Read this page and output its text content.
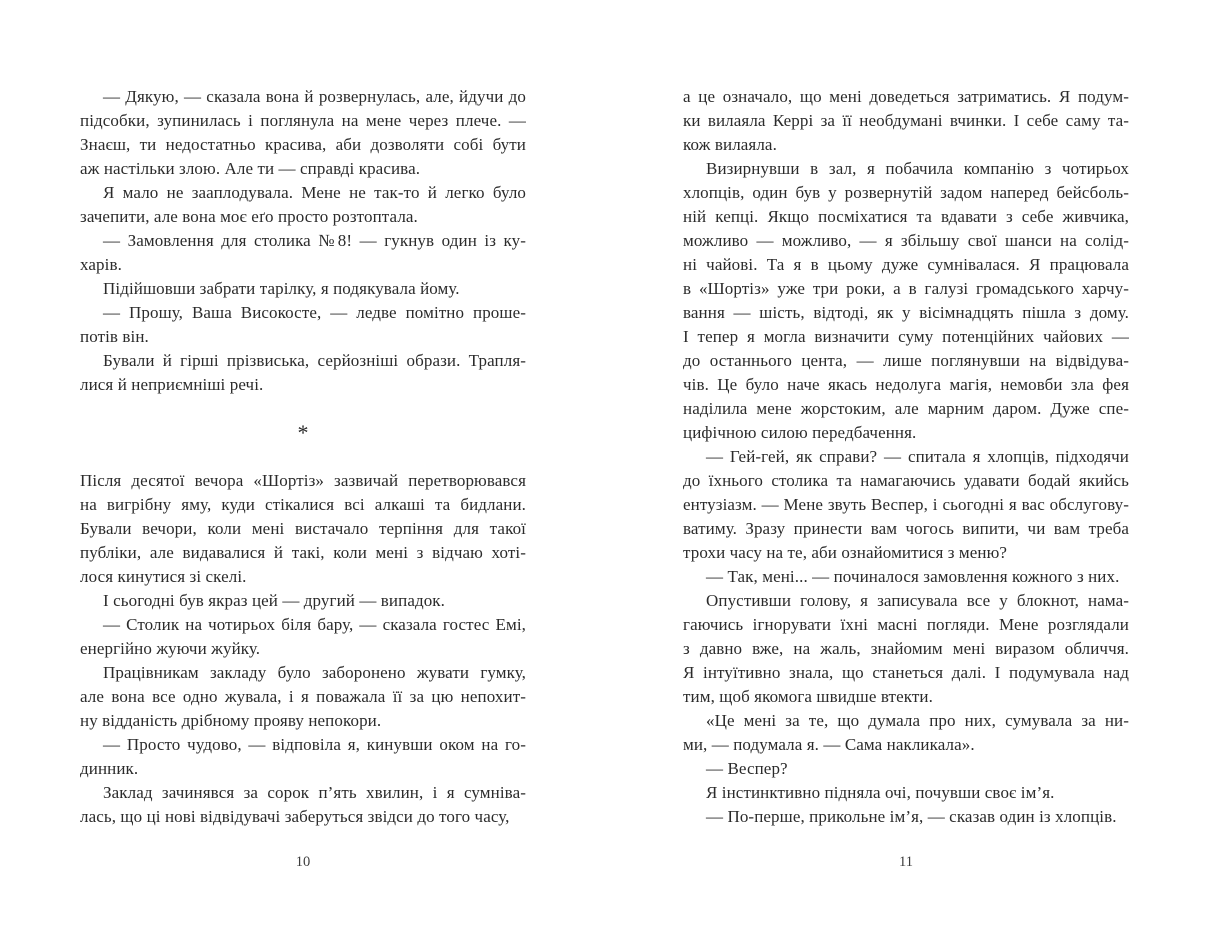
— Дякую, — сказала вона й розвернулась, але, йдучи до
підсобки, зупинилась і поглянула на мене через плече. —
Знаєш, ти недостатньо красива, аби дозволяти собі бути
аж настільки злою. Але ти — справді красива.
Я мало не зааплодувала. Мене не так-то й легко було
зачепити, але вона моє еґо просто розтоптала.
— Замовлення для столика №8! — гукнув один із ку-
харів.
Підійшовши забрати тарілку, я подякувала йому.
— Прошу, Ваша Високосте, — ледве помітно проше-
потів він.
Бували й гірші прізвиська, серйозніші образи. Трапля-
лися й неприємніші речі.
*
Після десятої вечора «Шортіз» зазвичай перетворювався
на вигрібну яму, куди стікалися всі алкаші та бидлани.
Бували вечори, коли мені вистачало терпіння для такої
публіки, але видавалися й такі, коли мені з відчаю хоті-
лося кинутися зі скелі.
І сьогодні був якраз цей — другий — випадок.
— Столик на чотирьох біля бару, — сказала гостес Емі,
енергійно жуючи жуйку.
Працівникам закладу було заборонено жувати гумку,
але вона все одно жувала, і я поважала її за цю непохит-
ну відданість дрібному прояву непокори.
— Просто чудово, — відповіла я, кинувши оком на го-
динник.
Заклад зачинявся за сорок п’ять хвилин, і я сумніва-
лась, що ці нові відвідувачі заберуться звідси до того часу,
а це означало, що мені доведеться затриматись. Я подум-
ки вилаяла Керрі за її необдумані вчинки. І себе саму та-
кож вилаяла.
Визирнувши в зал, я побачила компанію з чотирьох
хлопців, один був у розвернутій задом наперед бейсболь-
ній кепці. Якщо посміхатися та вдавати з себе живчика,
можливо — можливо, — я збільшу свої шанси на солід-
ні чайові. Та я в цьому дуже сумнівалася. Я працювала
в «Шортіз» уже три роки, а в галузі громадського харчу-
вання — шість, відтоді, як у вісімнадцять пішла з дому.
І тепер я могла визначити суму потенційних чайових —
до останнього цента, — лише поглянувши на відвідува-
чів. Це було наче якась недолуга магія, немовби зла фея
наділила мене жорстоким, але марним даром. Дуже спе-
цифічною силою передбачення.
— Гей-гей, як справи? — спитала я хлопців, підходячи
до їхнього столика та намагаючись удавати бодай якийсь
ентузіазм. — Мене звуть Веспер, і сьогодні я вас обслугову-
ватиму. Зразу принести вам чогось випити, чи вам треба
трохи часу на те, аби ознайомитися з меню?
— Так, мені... — починалося замовлення кожного з них.
Опустивши голову, я записувала все у блокнот, нама-
гаючись ігнорувати їхні масні погляди. Мене розглядали
з давно вже, на жаль, знайомим мені виразом обличчя.
Я інтуїтивно знала, що станеться далі. І подумувала над
тим, щоб якомога швидше втекти.
«Це мені за те, що думала про них, сумувала за ни-
ми, — подумала я. — Сама накликала».
— Веспер?
Я інстинктивно підняла очі, почувши своє ім’я.
— По-перше, прикольне ім’я, — сказав один із хлопців.
10	11
